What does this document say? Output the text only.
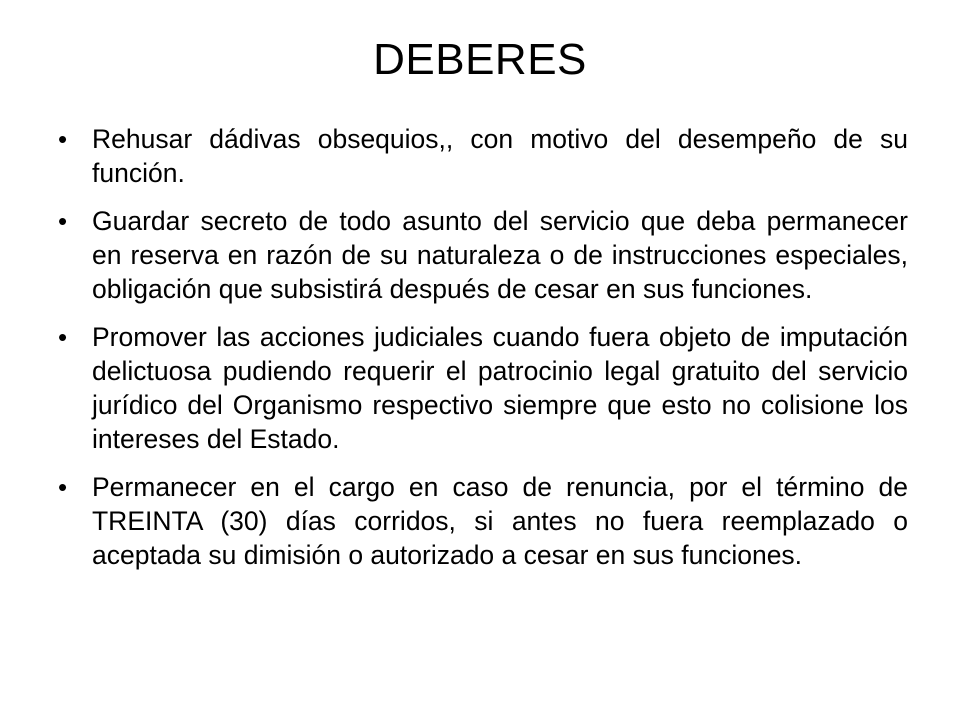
DEBERES
• Rehusar dádivas obsequios,, con motivo del desempeño de su función.
• Guardar secreto de todo asunto del servicio que deba permanecer en reserva en razón de su naturaleza o de instrucciones especiales, obligación que subsistirá después de cesar en sus funciones.
• Promover las acciones judiciales cuando fuera objeto de imputación delictuosa pudiendo requerir el patrocinio legal gratuito del servicio jurídico del Organismo respectivo siempre que esto no colisione los intereses del Estado.
• Permanecer en el cargo en caso de renuncia, por el término de TREINTA (30) días corridos, si antes no fuera reemplazado o aceptada su dimisión o autorizado a cesar en sus funciones.
